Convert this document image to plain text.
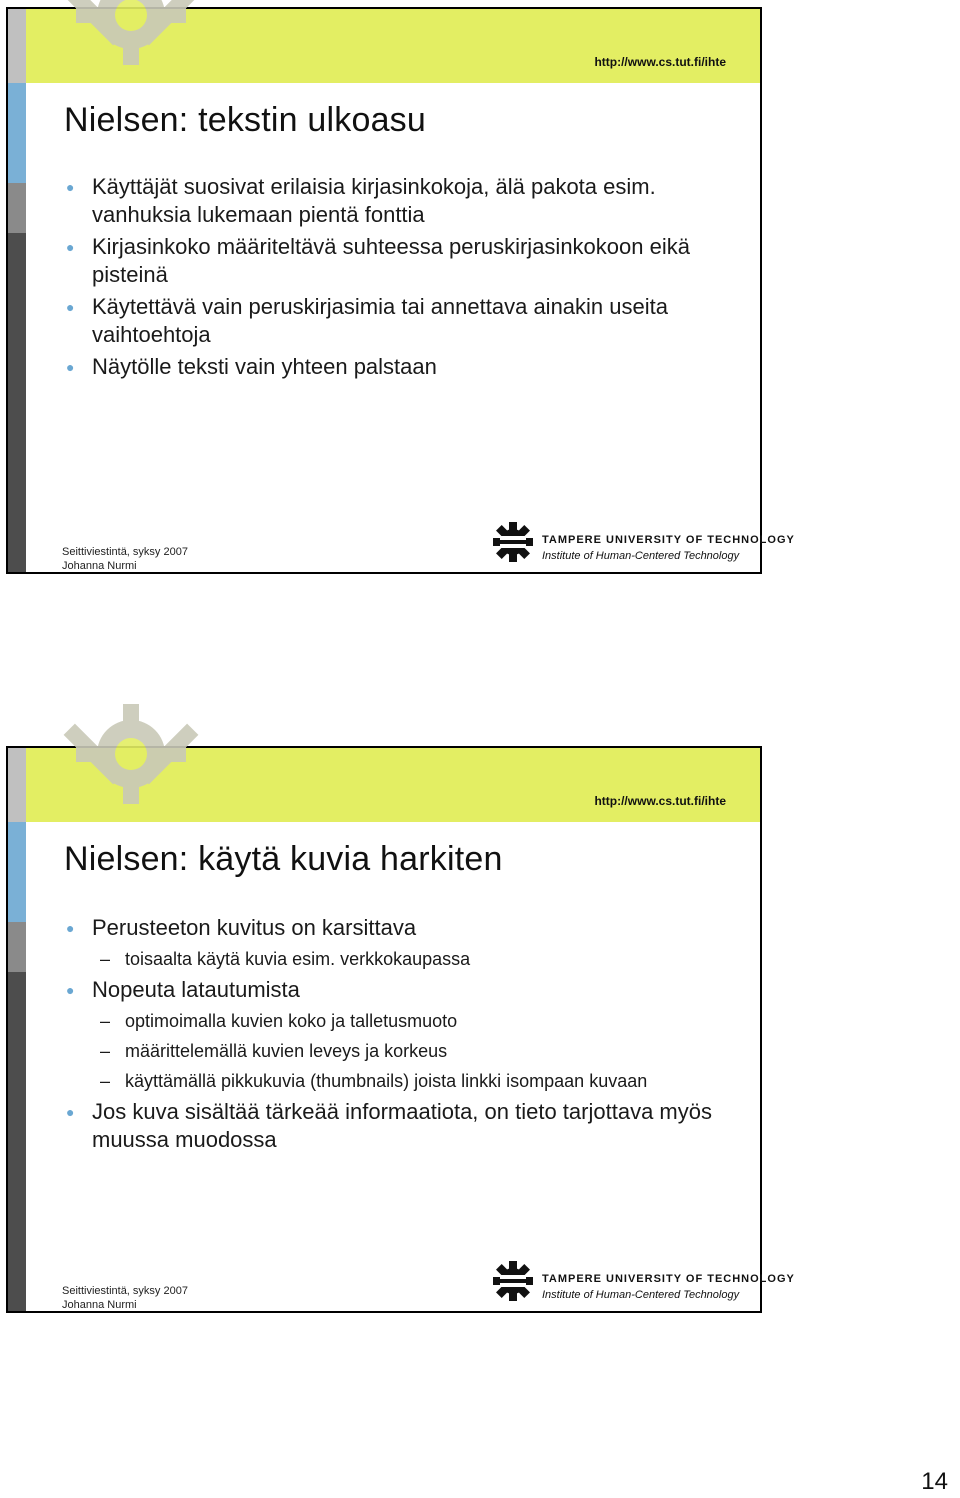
http://www.cs.tut.fi/ihte
Nielsen: tekstin ulkoasu
● Käyttäjät suosivat erilaisia kirjasinkokoja, älä pakota esim. vanhuksia lukemaan pientä fonttia
● Kirjasinkoko määriteltävä suhteessa peruskirjasinkokoon eikä pisteinä
● Käytettävä vain peruskirjasimia tai annettava ainakin useita vaihtoehtoja
● Näytölle teksti vain yhteen palstaan
Seittiviestintä, syksy 2007
Johanna Nurmi
TAMPERE UNIVERSITY OF TECHNOLOGY
Institute of Human-Centered Technology
http://www.cs.tut.fi/ihte
Nielsen: käytä kuvia harkiten
● Perusteeton kuvitus on karsittava
– toisaalta käytä kuvia esim. verkkokaupassa
● Nopeuta latautumista
– optimoimalla kuvien koko ja talletusmuoto
– määrittelemällä kuvien leveys ja korkeus
– käyttämällä pikkukuvia (thumbnails) joista linkki isompaan kuvaan
● Jos kuva sisältää tärkeää informaatiota, on tieto tarjottava myös muussa muodossa
Seittiviestintä, syksy 2007
Johanna Nurmi
TAMPERE UNIVERSITY OF TECHNOLOGY
Institute of Human-Centered Technology
14
